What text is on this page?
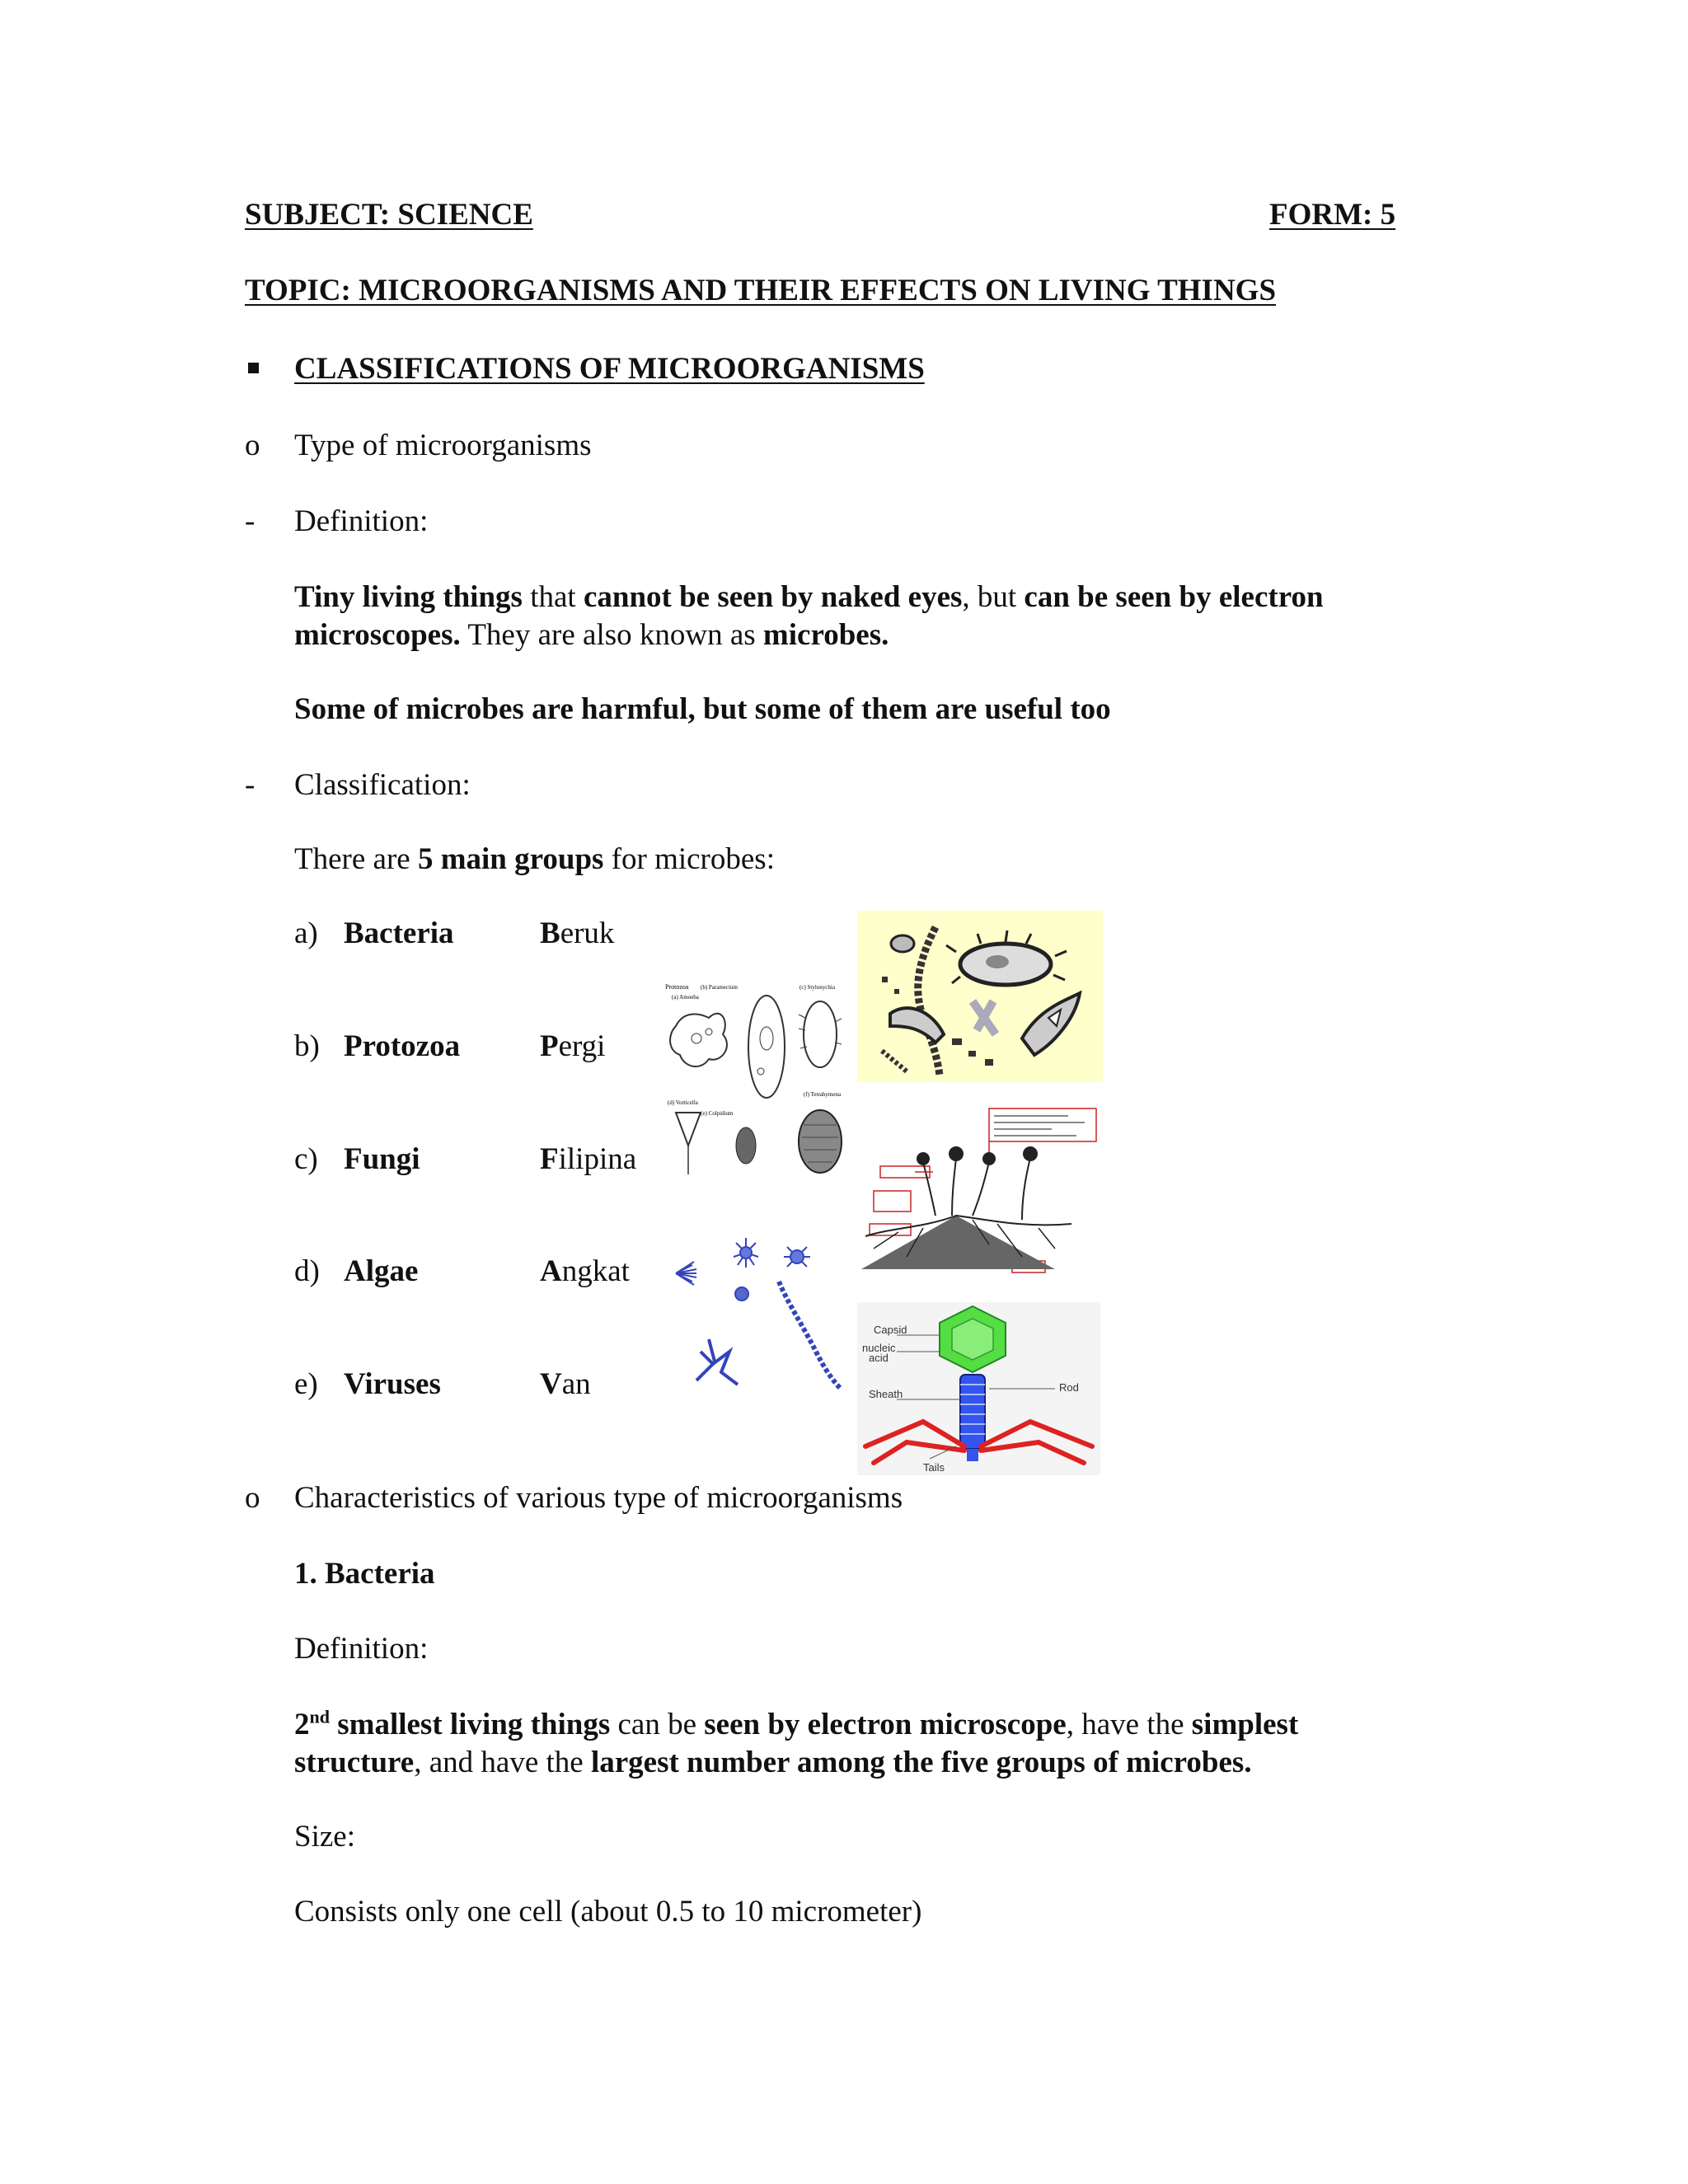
SUBJECT: SCIENCE	FORM: 5
TOPIC: MICROORGANISMS AND THEIR EFFECTS ON LIVING THINGS
CLASSIFICATIONS OF MICROORGANISMS
o Type of microorganisms
- Definition:
Tiny living things that cannot be seen by naked eyes, but can be seen by electron
microscopes. They are also known as microbes.
Some of microbes are harmful, but some of them are useful too
- Classification:
There are 5 main groups for microbes:
a) Bacteria	Beruk
b) Protozoa	Pergi
c) Fungi	Filipina
d) Algae	Angkat
e) Viruses	Van
Protozoa
(a) Amoeba
(b) Paramecium	(c) Stylonychia
(d) Vorticella
(e) Colpidium
(f) Tetrahymena
Capsid
nucleic
acid
Sheath
Rod
Tails
o Characteristics of various type of microorganisms
1. Bacteria
Definition:
2nd smallest living things can be seen by electron microscope, have the simplest
structure, and have the largest number among the five groups of microbes.
Size:
Consists only one cell (about 0.5 to 10 micrometer)
